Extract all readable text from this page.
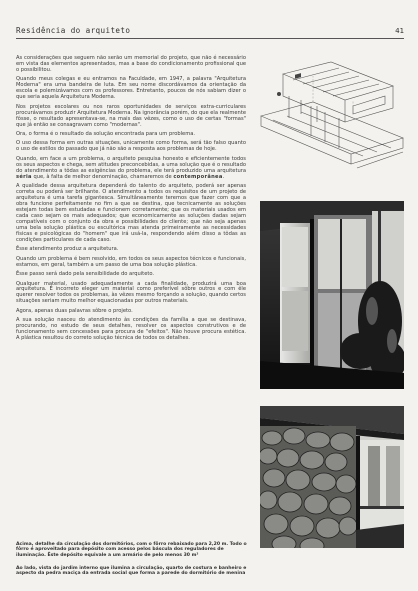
Residência do arquiteto	41

As considerações que seguem não serão um memorial do projeto, que não é necessário em vista das elementos apresentados, mas a base do condicionamento profissional que o possibilitou.

Quando meus colegas e eu entramos na Faculdade, em 1947, a palavra "Arquitetura Moderna" era uma bandeira de luta. Em seu nome discordávamos da orientação da escola e polemizávamos com os professores. Entretanto, poucos de nós sabiam dizer o que seria aquela Arquitetura Moderna.

Nos projetos escolares ou nos raros oportunidades de serviços extra-curriculares procurávamos produzir Arquitetura Moderna. Na ignorância porém, do que ela realmente fôsse, o resultado apresentava-se, na mais das vêzes, como o uso de certas "formas" que já então se consagravam como "modernas".

Ora, o forma é o resultado da solução encontrada para um problema.

O uso dessa forma em outras situações, unicamente como forma, será tão falso quanto o uso de estilos do passado que já não são a resposta aos problemas de hoje.

Quando, em face a um problema, o arquiteto pesquisa honesto e eficientemente todos os seus aspectos e chega, sem atitudes preconcebidas, a uma solução que é o resultado do atendimento a tôdas as exigências do problema, ele terá produzido uma arquitetura séria que, à falta de melhor denominação, chamaremos de contemporânea.

A qualidade dessa arquitetura dependerá do talento do arquiteto, poderá ser apenas correta ou poderá ser brilhante. O atendimento a todos os requisitos de um projeto de arquitetura é uma tarefa gigantesca. Simultâneamente teremos que fazer com que a obra funcione perfeitamente no fim a que se destina, que tecnicamente as soluções estejam todas bem estudadas e funcionem corretamente; que os materiais usados em cada caso sejam os mais adequados; que economicamente as soluções dadas sejam compatíveis com o conjunto da obra e possibilidades do cliente; que não seja apenas uma bela solução plástica ou escultórica mas atenda primeiramente as necessidades físicas e psicológicas do "homem" que irá usá-la, respondendo além disso a tôdas as condições particulares de cada caso.

Êsse atendimento produz a arquitetura.

Quando um problema é bem resolvido, em todos os seus aspectos técnicos e funcionais, estamos, em geral, também a um passo de uma boa solução plástica.

Êsse passo será dado pela sensibilidade do arquiteto.

Qualquer material, usado adequadamente a cada finalidade, produzirá uma boa arquitetura. É incorreto eleger um material como preferível sôbre outros e com êle querer resolver todos os problemas, às vêzes mesmo forçando a solução, quando certos situações seriam muito melhor equacionadas por outros materiais.

Agora, apenas duas palavras sôbre o projeto.

A sua solução nasceu do atendimento às condições da família a que se destinava, procurando, no estudo de seus detalhes, resolver os aspectos construtivos e de funcionamento sem concessões para procura de "efeitos". Não houve procura estética. A plástica resultou do correto solução técnica de todos os detalhes.

Acima, detalhe da circulação dos dormitórios, com o fôrro rebaixado para 2,20 m. Todo o fôrro é aproveitado para depósito com acesso pelos báscula dos reguladores de iluminação. Êste depósito equivale a um armário de pelo menos 30 m³
Ao lado, vista do jardim interno que ilumina a circulação, quarto de costura e banheiro e aspecto da pedra maciça da entrada social que forma a parede do dormitório de menina
